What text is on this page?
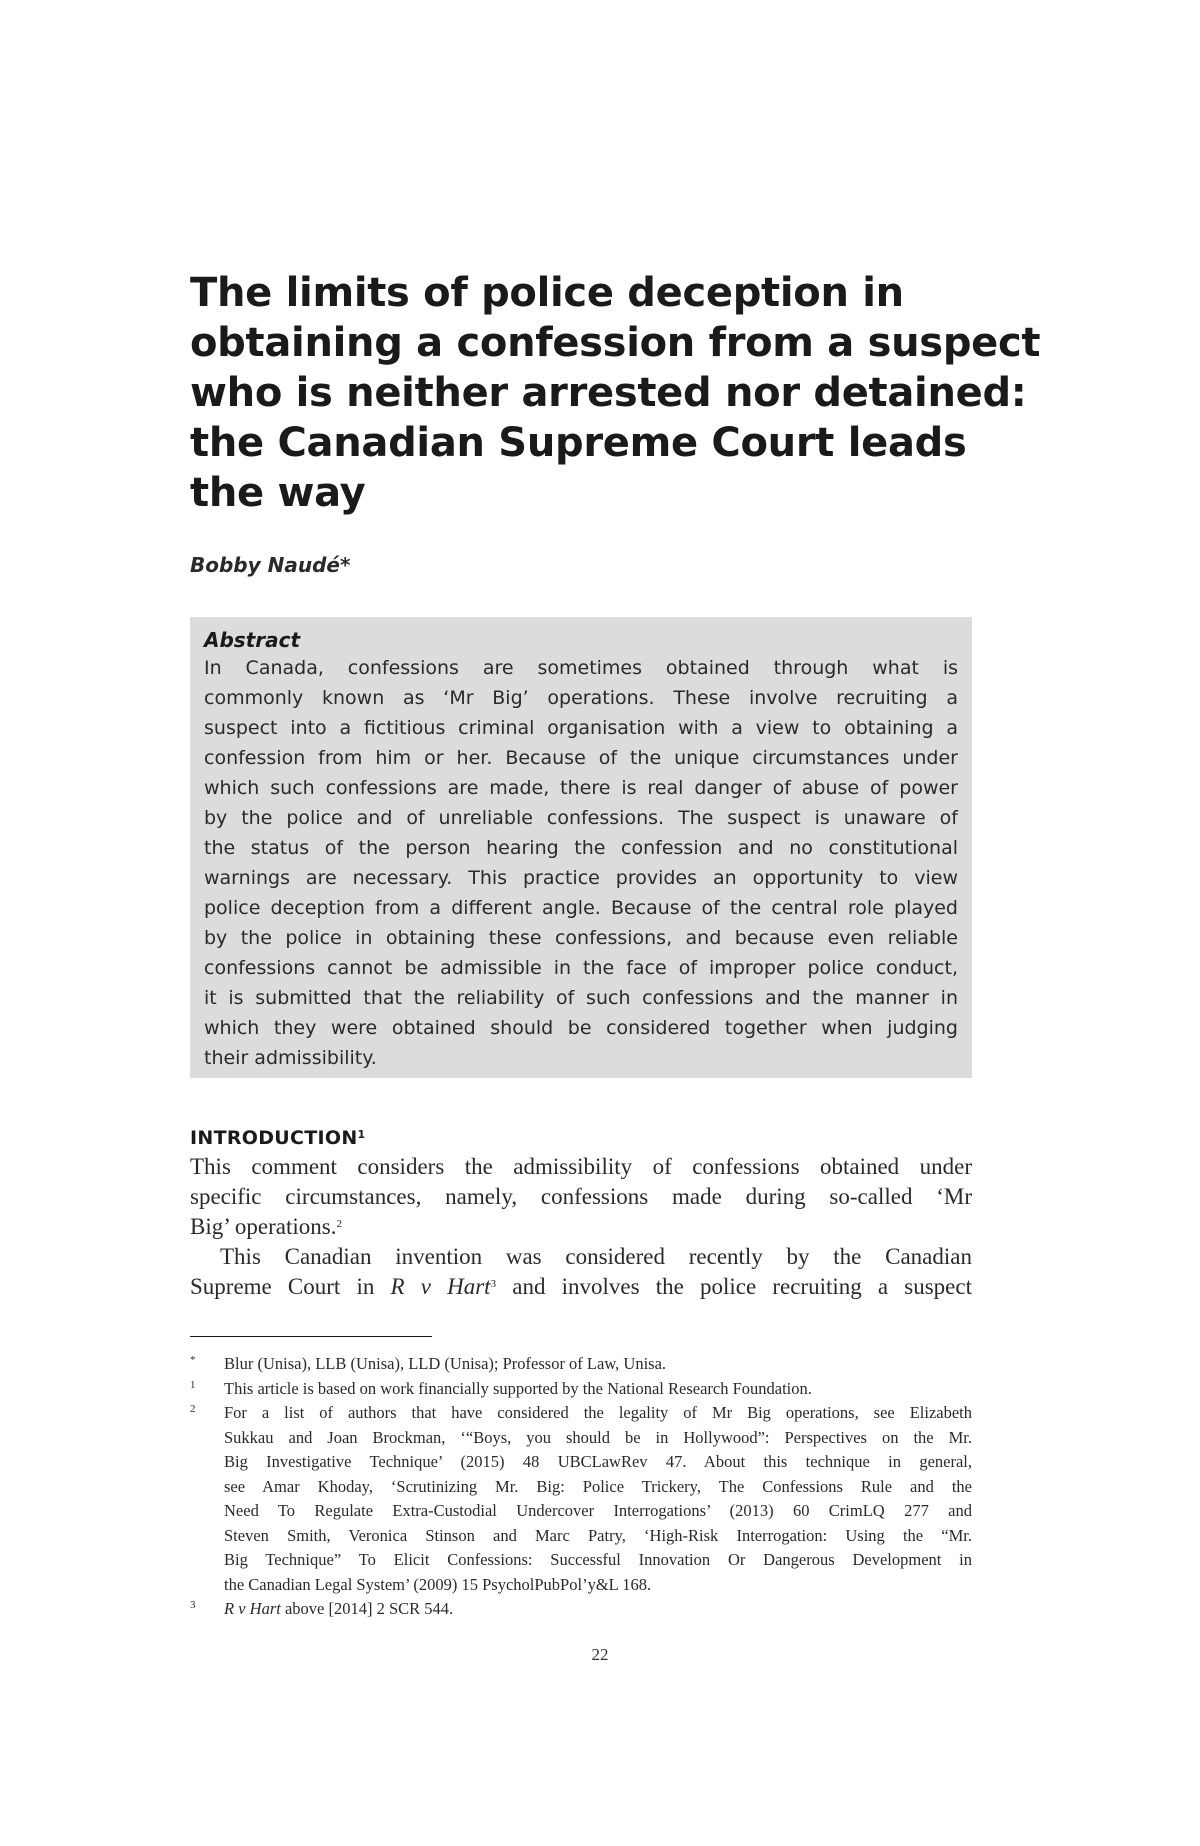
The limits of police deception in
obtaining a confession from a suspect
who is neither arrested nor detained:
the Canadian Supreme Court leads
the way
Bobby Naudé*
Abstract
In Canada, confessions are sometimes obtained through what is
commonly known as ‘Mr Big’ operations. These involve recruiting a
suspect into a fictitious criminal organisation with a view to obtaining a
confession from him or her. Because of the unique circumstances under
which such confessions are made, there is real danger of abuse of power
by the police and of unreliable confessions. The suspect is unaware of
the status of the person hearing the confession and no constitutional
warnings are necessary. This practice provides an opportunity to view
police deception from a different angle. Because of the central role played
by the police in obtaining these confessions, and because even reliable
confessions cannot be admissible in the face of improper police conduct,
it is submitted that the reliability of such confessions and the manner in
which they were obtained should be considered together when judging
their admissibility.
INTRODUCTION$^1$
This comment considers the admissibility of confessions obtained under
specific circumstances, namely, confessions made during so-called ‘Mr
Big’ operations.$^2$
This Canadian invention was considered recently by the Canadian
Supreme Court in R v Hart$^3$ and involves the police recruiting a suspect
* Blur (Unisa), LLB (Unisa), LLD (Unisa); Professor of Law, Unisa.
1 This article is based on work financially supported by the National Research Foundation.
2 For a list of authors that have considered the legality of Mr Big operations, see Elizabeth
Sukkau and Joan Brockman, ‘“Boys, you should be in Hollywood”: Perspectives on the Mr.
Big Investigative Technique’ (2015) 48 UBCLawRev 47. About this technique in general,
see Amar Khoday, ‘Scrutinizing Mr. Big: Police Trickery, The Confessions Rule and the
Need To Regulate Extra-Custodial Undercover Interrogations’ (2013) 60 CrimLQ 277 and
Steven Smith, Veronica Stinson and Marc Patry, ‘High-Risk Interrogation: Using the “Mr.
Big Technique” To Elicit Confessions: Successful Innovation Or Dangerous Development in
the Canadian Legal System’ (2009) 15 PsycholPubPol’y&L 168.
3 R v Hart above [2014] 2 SCR 544.
22
